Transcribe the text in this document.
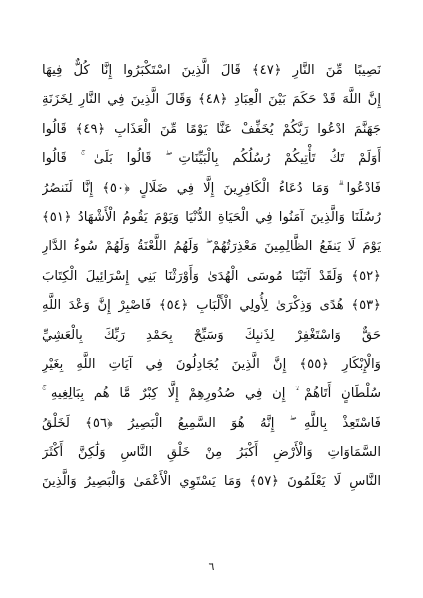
نَصِيبًا مِّنَ النَّارِ ﴿٤٧﴾ قَالَ الَّذِينَ اسْتَكْبَرُوا إِنَّا كُلٌّ فِيهَا
إِنَّ اللَّهَ قَدْ حَكَمَ بَيْنَ الْعِبَادِ ﴿٤٨﴾ وَقَالَ الَّذِينَ فِي النَّارِ لِخَزَنَةِ
جَهَنَّمَ ادْعُوا رَبَّكُمْ يُخَفِّفْ عَنَّا يَوْمًا مِّنَ الْعَذَابِ ﴿٤٩﴾ قَالُوا
أَوَلَمْ تَكُ تَأْتِيكُمْ رُسُلُكُم بِالْبَيِّنَاتِ ۖ قَالُوا بَلَىٰ ۚ قَالُوا
فَادْعُوا ۗ وَمَا دُعَاءُ الْكَافِرِينَ إِلَّا فِي ضَلَالٍ ﴿٥٠﴾ إِنَّا لَنَنصُرُ
رُسُلَنَا وَالَّذِينَ آمَنُوا فِي الْحَيَاةِ الدُّنْيَا وَيَوْمَ يَقُومُ الْأَشْهَادُ ﴿٥١﴾
يَوْمَ لَا يَنفَعُ الظَّالِمِينَ مَعْذِرَتُهُمْ ۖ وَلَهُمُ اللَّعْنَةُ وَلَهُمْ سُوءُ الدَّارِ
﴿٥٢﴾ وَلَقَدْ آتَيْنَا مُوسَى الْهُدَىٰ وَأَوْرَثْنَا بَنِي إِسْرَائِيلَ الْكِتَابَ
﴿٥٣﴾ هُدًى وَذِكْرَىٰ لِأُولِي الْأَلْبَابِ ﴿٥٤﴾ فَاصْبِرْ إِنَّ وَعْدَ اللَّهِ
حَقٌّ وَاسْتَغْفِرْ لِذَنبِكَ وَسَبِّحْ بِحَمْدِ رَبِّكَ بِالْعَشِيِّ
وَالْإِبْكَارِ ﴿٥٥﴾ إِنَّ الَّذِينَ يُجَادِلُونَ فِي آيَاتِ اللَّهِ بِغَيْرِ
سُلْطَانٍ أَتَاهُمْ ۙ إِن فِي صُدُورِهِمْ إِلَّا كِبْرٌ مَّا هُم بِبَالِغِيهِ ۚ
فَاسْتَعِذْ بِاللَّهِ ۖ إِنَّهُ هُوَ السَّمِيعُ الْبَصِيرُ ﴿٥٦﴾ لَخَلْقُ
السَّمَاوَاتِ وَالْأَرْضِ أَكْبَرُ مِنْ خَلْقِ النَّاسِ وَلَٰكِنَّ أَكْثَرَ
النَّاسِ لَا يَعْلَمُونَ ﴿٥٧﴾ وَمَا يَسْتَوِي الْأَعْمَىٰ وَالْبَصِيرُ وَالَّذِينَ
٦
